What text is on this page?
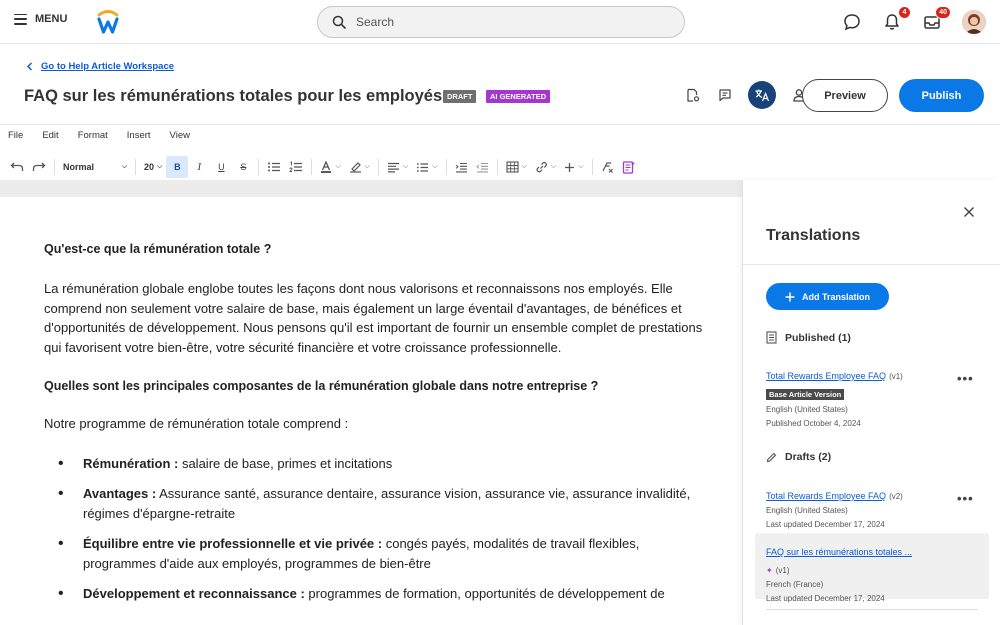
MENU
Search
4	40
Go to Help Article Workspace
FAQ sur les rémunérations totales pour les employés DRAFT	AI GENERATED	Preview	Publish
File Edit Format Insert View
Normal	⌵ 20 ⌵	B	I	U	S	⌵	⌵	⌵	⌵	⌵	⌵	⌵
Qu'est-ce que la rémunération totale ?

La rémunération globale englobe toutes les façons dont nous valorisons et reconnaissons nos employés. Elle comprend non seulement votre salaire de base, mais également un large éventail d'avantages, de bénéfices et d'opportunités de développement. Nous pensons qu'il est important de fournir un ensemble complet de prestations qui favorisent votre bien-être, votre sécurité financière et votre croissance professionnelle.

Quelles sont les principales composantes de la rémunération globale dans notre entreprise ?

Notre programme de rémunération totale comprend :

• Rémunération : salaire de base, primes et incitations
• Avantages : Assurance santé, assurance dentaire, assurance vision, assurance vie, assurance invalidité, régimes d'épargne-retraite
• Équilibre entre vie professionnelle et vie privée : congés payés, modalités de travail flexibles, programmes d'aide aux employés, programmes de bien-être
• Développement et reconnaissance : programmes de formation, opportunités de développement de
Translations
Add Translation
Published (1)
Total Rewards Employee FAQ (v1)
Base Article Version
English (United States)
Published October 4, 2024
•••
Drafts (2)
Total Rewards Employee FAQ (v2)
English (United States)
Last updated December 17, 2024
•••
FAQ sur les rémunérations totales ...
✦ (v1)
French (France)
Last updated December 17, 2024
